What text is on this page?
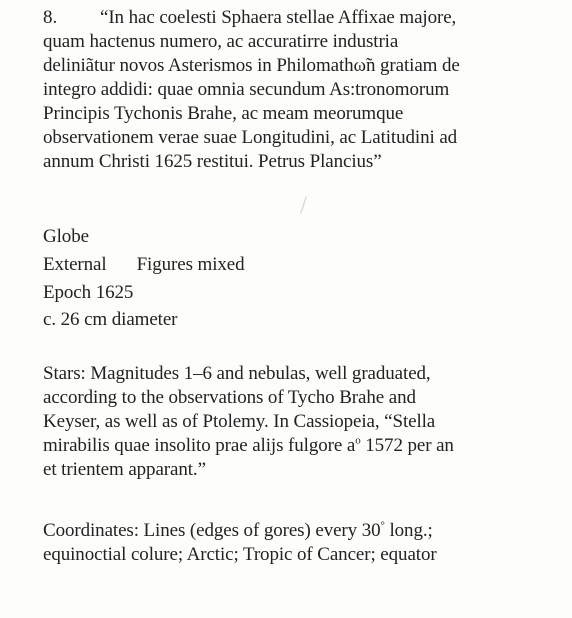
8. “In hac coelesti Sphaera stellae Affixae majore,
quam hactenus numero, ac accuratirre industria
deliniãtur novos Asterismos in Philomathω̃n gratiam de
integro addidi: quae omnia secundum As:tronomorum
Principis Tychonis Brahe, ac meam meorumque
observationem verae suae Longitudini, ac Latitudini ad
annum Christi 1625 restitui. Petrus Plancius”
Globe
External Figures mixed
Epoch 1625
c. 26 cm diameter
Stars: Magnitudes 1–6 and nebulas, well graduated,
according to the observations of Tycho Brahe and
Keyser, as well as of Ptolemy. In Cassiopeia, “Stella
mirabilis quae insolito prae alijs fulgore $a^o$ 1572 per an
et trientem apparant.”
Coordinates: Lines (edges of gores) every 30° long.;
equinoctial colure; Arctic; Tropic of Cancer; equator
